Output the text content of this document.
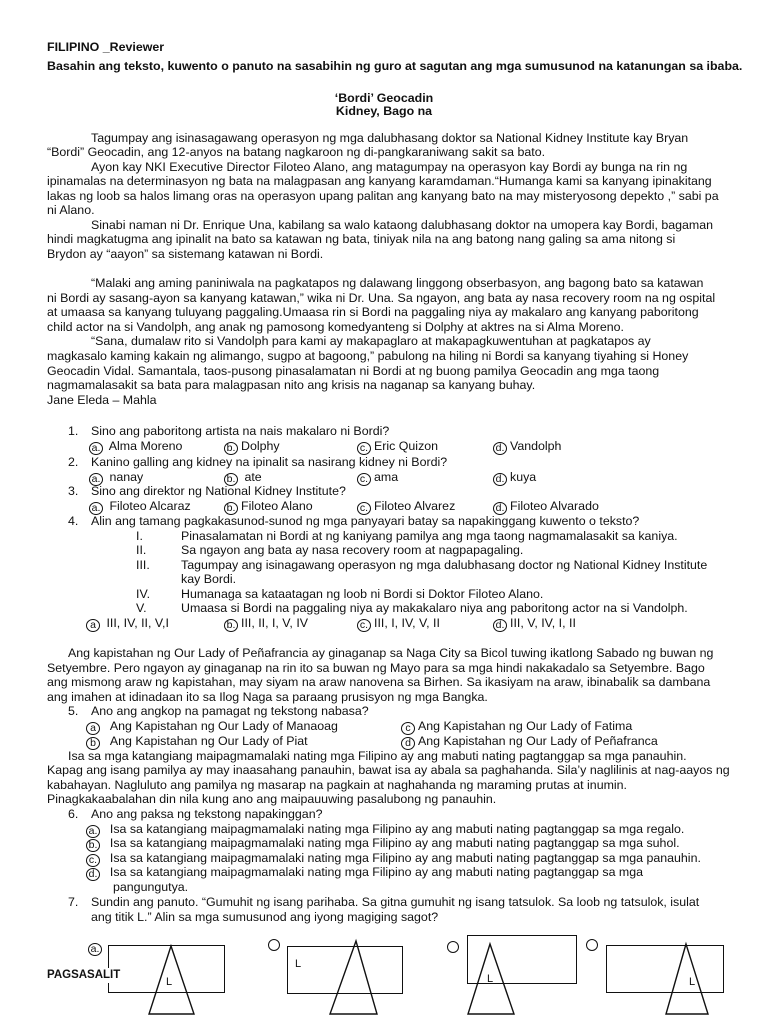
FILIPINO _Reviewer
Basahin ang teksto, kuwento o panuto na sasabihin ng guro at sagutan ang mga sumusunod na katanungan sa ibaba.
‘Bordi’ Geocadin
Kidney, Bago na
Tagumpay ang isinasagawang operasyon ng mga dalubhasang doktor sa National Kidney Institute kay Bryan
“Bordi” Geocadin, ang 12-anyos na batang nagkaroon ng di-pangkaraniwang sakit sa bato.
Ayon kay NKI Executive Director Filoteo Alano, ang matagumpay na operasyon kay Bordi ay bunga na rin ng
ipinamalas na determinasyon ng bata na malagpasan ang kanyang karamdaman.“Humanga kami sa kanyang ipinakitang
lakas ng loob sa halos limang oras na operasyon upang palitan ang kanyang bato na may misteryosong depekto ,” sabi pa
ni Alano.
Sinabi naman ni Dr. Enrique Una, kabilang sa walo kataong dalubhasang doktor na umopera kay Bordi, bagaman
hindi magkatugma ang ipinalit na bato sa katawan ng bata, tiniyak nila na ang batong nang galing sa ama nitong si
Brydon ay “aayon” sa sistemang katawan ni Bordi.
“Malaki ang aming paniniwala na pagkatapos ng dalawang linggong obserbasyon, ang bagong bato sa katawan
ni Bordi ay sasang-ayon sa kanyang katawan,” wika ni Dr. Una. Sa ngayon, ang bata ay nasa recovery room na ng ospital
at umaasa sa kanyang tuluyang paggaling.Umaasa rin si Bordi na paggaling niya ay makalaro ang kanyang paboritong
child actor na si Vandolph, ang anak ng pamosong komedyanteng si Dolphy at aktres na si Alma Moreno.
“Sana, dumalaw rito si Vandolph para kami ay makapaglaro at makapagkuwentuhan at pagkatapos ay
magkasalo kaming kakain ng alimango, sugpo at bagoong,” pabulong na hiling ni Bordi sa kanyang tiyahing si Honey
Geocadin Vidal. Samantala, taos-pusong pinasalamatan ni Bordi at ng buong pamilya Geocadin ang mga taong
nagmamalasakit sa bata para malagpasan nito ang krisis na naganap sa kanyang buhay.
Jane Eleda – Mahla
1. Sino ang paboritong artista na nais makalaro ni Bordi?
a. Alma Moreno	b. Dolphy	c. Eric Quizon	d. Vandolph
2. Kanino galling ang kidney na ipinalit sa nasirang kidney ni Bordi?
a. nanay	b. ate	c. ama	d. kuya
3. Sino ang direktor ng National Kidney Institute?
a. Filoteo Alcaraz	b. Filoteo Alano	c. Filoteo Alvarez	d. Filoteo Alvarado
4. Alin ang tamang pagkakasunod-sunod ng mga panyayari batay sa napakinggang kuwento o teksto?
I.	Pinasalamatan ni Bordi at ng kaniyang pamilya ang mga taong nagmamalasakit sa kaniya.
II.	Sa ngayon ang bata ay nasa recovery room at nagpapagaling.
III.	Tagumpay ang isinagawang operasyon ng mga dalubhasang doctor ng National Kidney Institute
kay Bordi.
IV. Humanaga sa kataatagan ng loob ni Bordi si Doktor Filoteo Alano.
V.	Umaasa si Bordi na paggaling niya ay makakalaro niya ang paboritong actor na si Vandolph.
a III, IV, II, V,I	b. III, II, I, V, IV	c. III, I, IV, V, II	d. III, V, IV, I, II
Ang kapistahan ng Our Lady of Peñafrancia ay ginaganap sa Naga City sa Bicol tuwing ikatlong Sabado ng buwan ng
Setyembre. Pero ngayon ay ginaganap na rin ito sa buwan ng Mayo para sa mga hindi nakakadalo sa Setyembre. Bago
ang mismong araw ng kapistahan, may siyam na araw nanovena sa Birhen. Sa ikasiyam na araw, ibinabalik sa dambana
ang imahen at idinadaan ito sa Ilog Naga sa paraang prusisyon ng mga Bangka.
5. Ano ang angkop na pamagat ng tekstong nabasa?
a Ang Kapistahan ng Our Lady of Manaoag	c Ang Kapistahan ng Our Lady of Fatima
b Ang Kapistahan ng Our Lady of Piat	d Ang Kapistahan ng Our Lady of Peñafranca
Isa sa mga katangiang maipagmamalaki nating mga Filipino ay ang mabuti nating pagtanggap sa mga panauhin.
Kapag ang isang pamilya ay may inaasahang panauhin, bawat isa ay abala sa paghahanda. Sila’y naglilinis at nag-aayos ng
kabahayan. Nagluluto ang pamilya ng masarap na pagkain at naghahanda ng maraming prutas at inumin.
Pinagkakaabalahan din nila kung ano ang maipauuwing pasalubong ng panauhin.
6. Ano ang paksa ng tekstong napakinggan?
a. Isa sa katangiang maipagmamalaki nating mga Filipino ay ang mabuti nating pagtanggap sa mga regalo.
b. Isa sa katangiang maipagmamalaki nating mga Filipino ay ang mabuti nating pagtanggap sa mga suhol.
c. Isa sa katangiang maipagmamalaki nating mga Filipino ay ang mabuti nating pagtanggap sa mga panauhin.
d. Isa sa katangiang maipagmamalaki nating mga Filipino ay ang mabuti nating pagtanggap sa mga
pangungutya.
7. Sundin ang panuto. “Gumuhit ng isang parihaba. Sa gitna gumuhit ng isang tatsulok. Sa loob ng tatsulok, isulat
ang titik L.” Alin sa mga sumusunod ang iyong magiging sagot?
a.
L
L
L	L
PAGSASALIT
